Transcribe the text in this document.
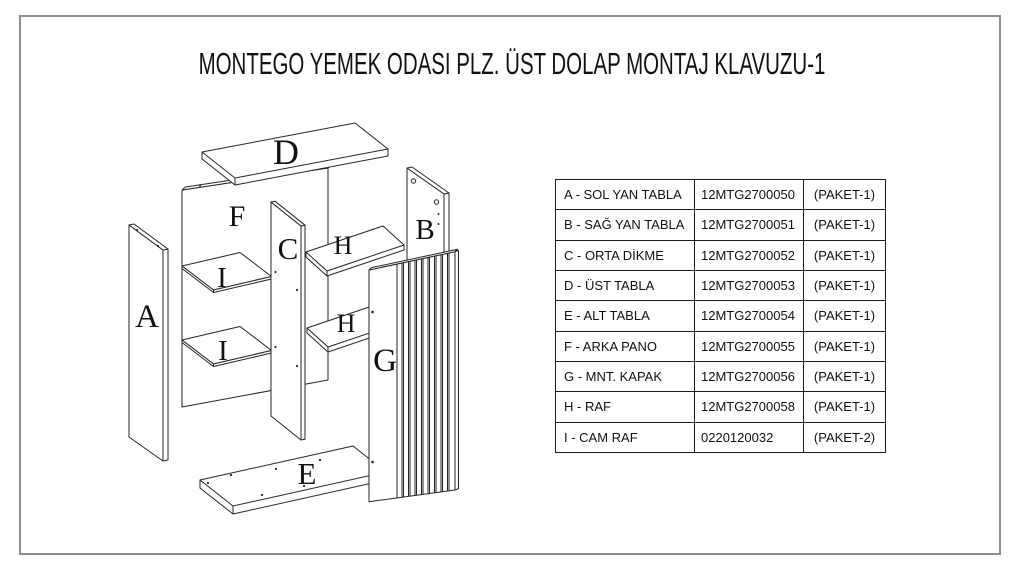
MONTEGO YEMEK ODASI PLZ. ÜST DOLAP MONTAJ KLAVUZU-1
A
B
C
D
E
F
G
H
H
I
I
A - SOL YAN TABLA	12MTG2700050	(PAKET-1)
B - SAĞ YAN TABLA	12MTG2700051	(PAKET-1)
C - ORTA DİKME	12MTG2700052	(PAKET-1)
D - ÜST TABLA	12MTG2700053	(PAKET-1)
E - ALT TABLA	12MTG2700054	(PAKET-1)
F - ARKA PANO	12MTG2700055	(PAKET-1)
G - MNT. KAPAK	12MTG2700056	(PAKET-1)
H - RAF	12MTG2700058	(PAKET-1)
I - CAM RAF	0220120032	(PAKET-2)
